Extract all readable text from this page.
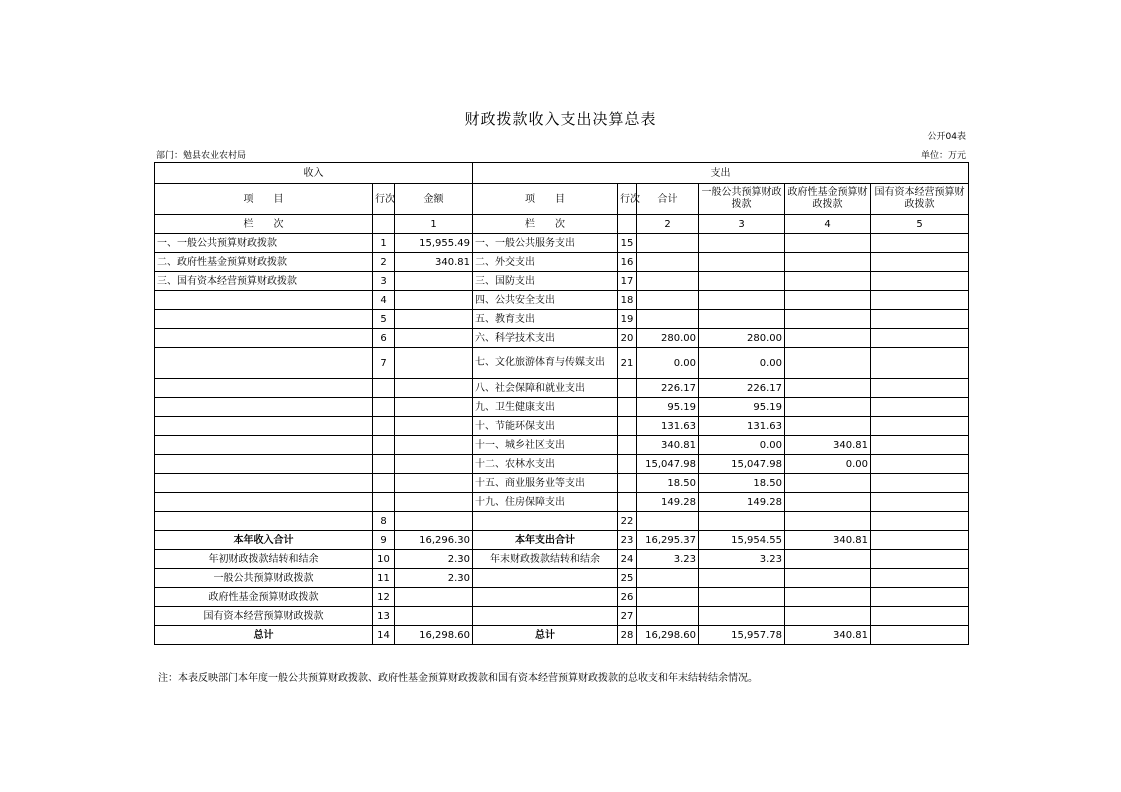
财政拨款收入支出决算总表
公开04表
部门：勉县农业农村局	单位：万元
收入			支出					
项　　目	行次	金额	项　　目	行次	合计	一般公共预算财政拨款	政府性基金预算财政拨款	国有资本经营预算财政拨款
栏　　次		1	栏　　次		2	3	4	5
一、一般公共预算财政拨款	1	15,955.49	一、一般公共服务支出	15				
二、政府性基金预算财政拨款	2	340.81	二、外交支出	16				
三、国有资本经营预算财政拨款	3		三、国防支出	17				
	4		四、公共安全支出	18				
	5		五、教育支出	19				
	6		六、科学技术支出	20	280.00	280.00		
	7		七、文化旅游体育与传媒支出	21	0.00	0.00		
			八、社会保障和就业支出		226.17	226.17		
			九、卫生健康支出		95.19	95.19		
			十、节能环保支出		131.63	131.63		
			十一、城乡社区支出		340.81	0.00	340.81	
			十二、农林水支出		15,047.98	15,047.98	0.00	
			十五、商业服务业等支出		18.50	18.50		
			十九、住房保障支出		149.28	149.28		
	8			22				
本年收入合计	9	16,296.30	本年支出合计	23	16,295.37	15,954.55	340.81	
年初财政拨款结转和结余	10	2.30	年末财政拨款结转和结余	24	3.23	3.23		
一般公共预算财政拨款	11	2.30		25				
政府性基金预算财政拨款	12			26				
国有资本经营预算财政拨款	13			27				
总计	14	16,298.60	总计	28	16,298.60	15,957.78	340.81	
注：本表反映部门本年度一般公共预算财政拨款、政府性基金预算财政拨款和国有资本经营预算财政拨款的总收支和年末结转结余情况。
